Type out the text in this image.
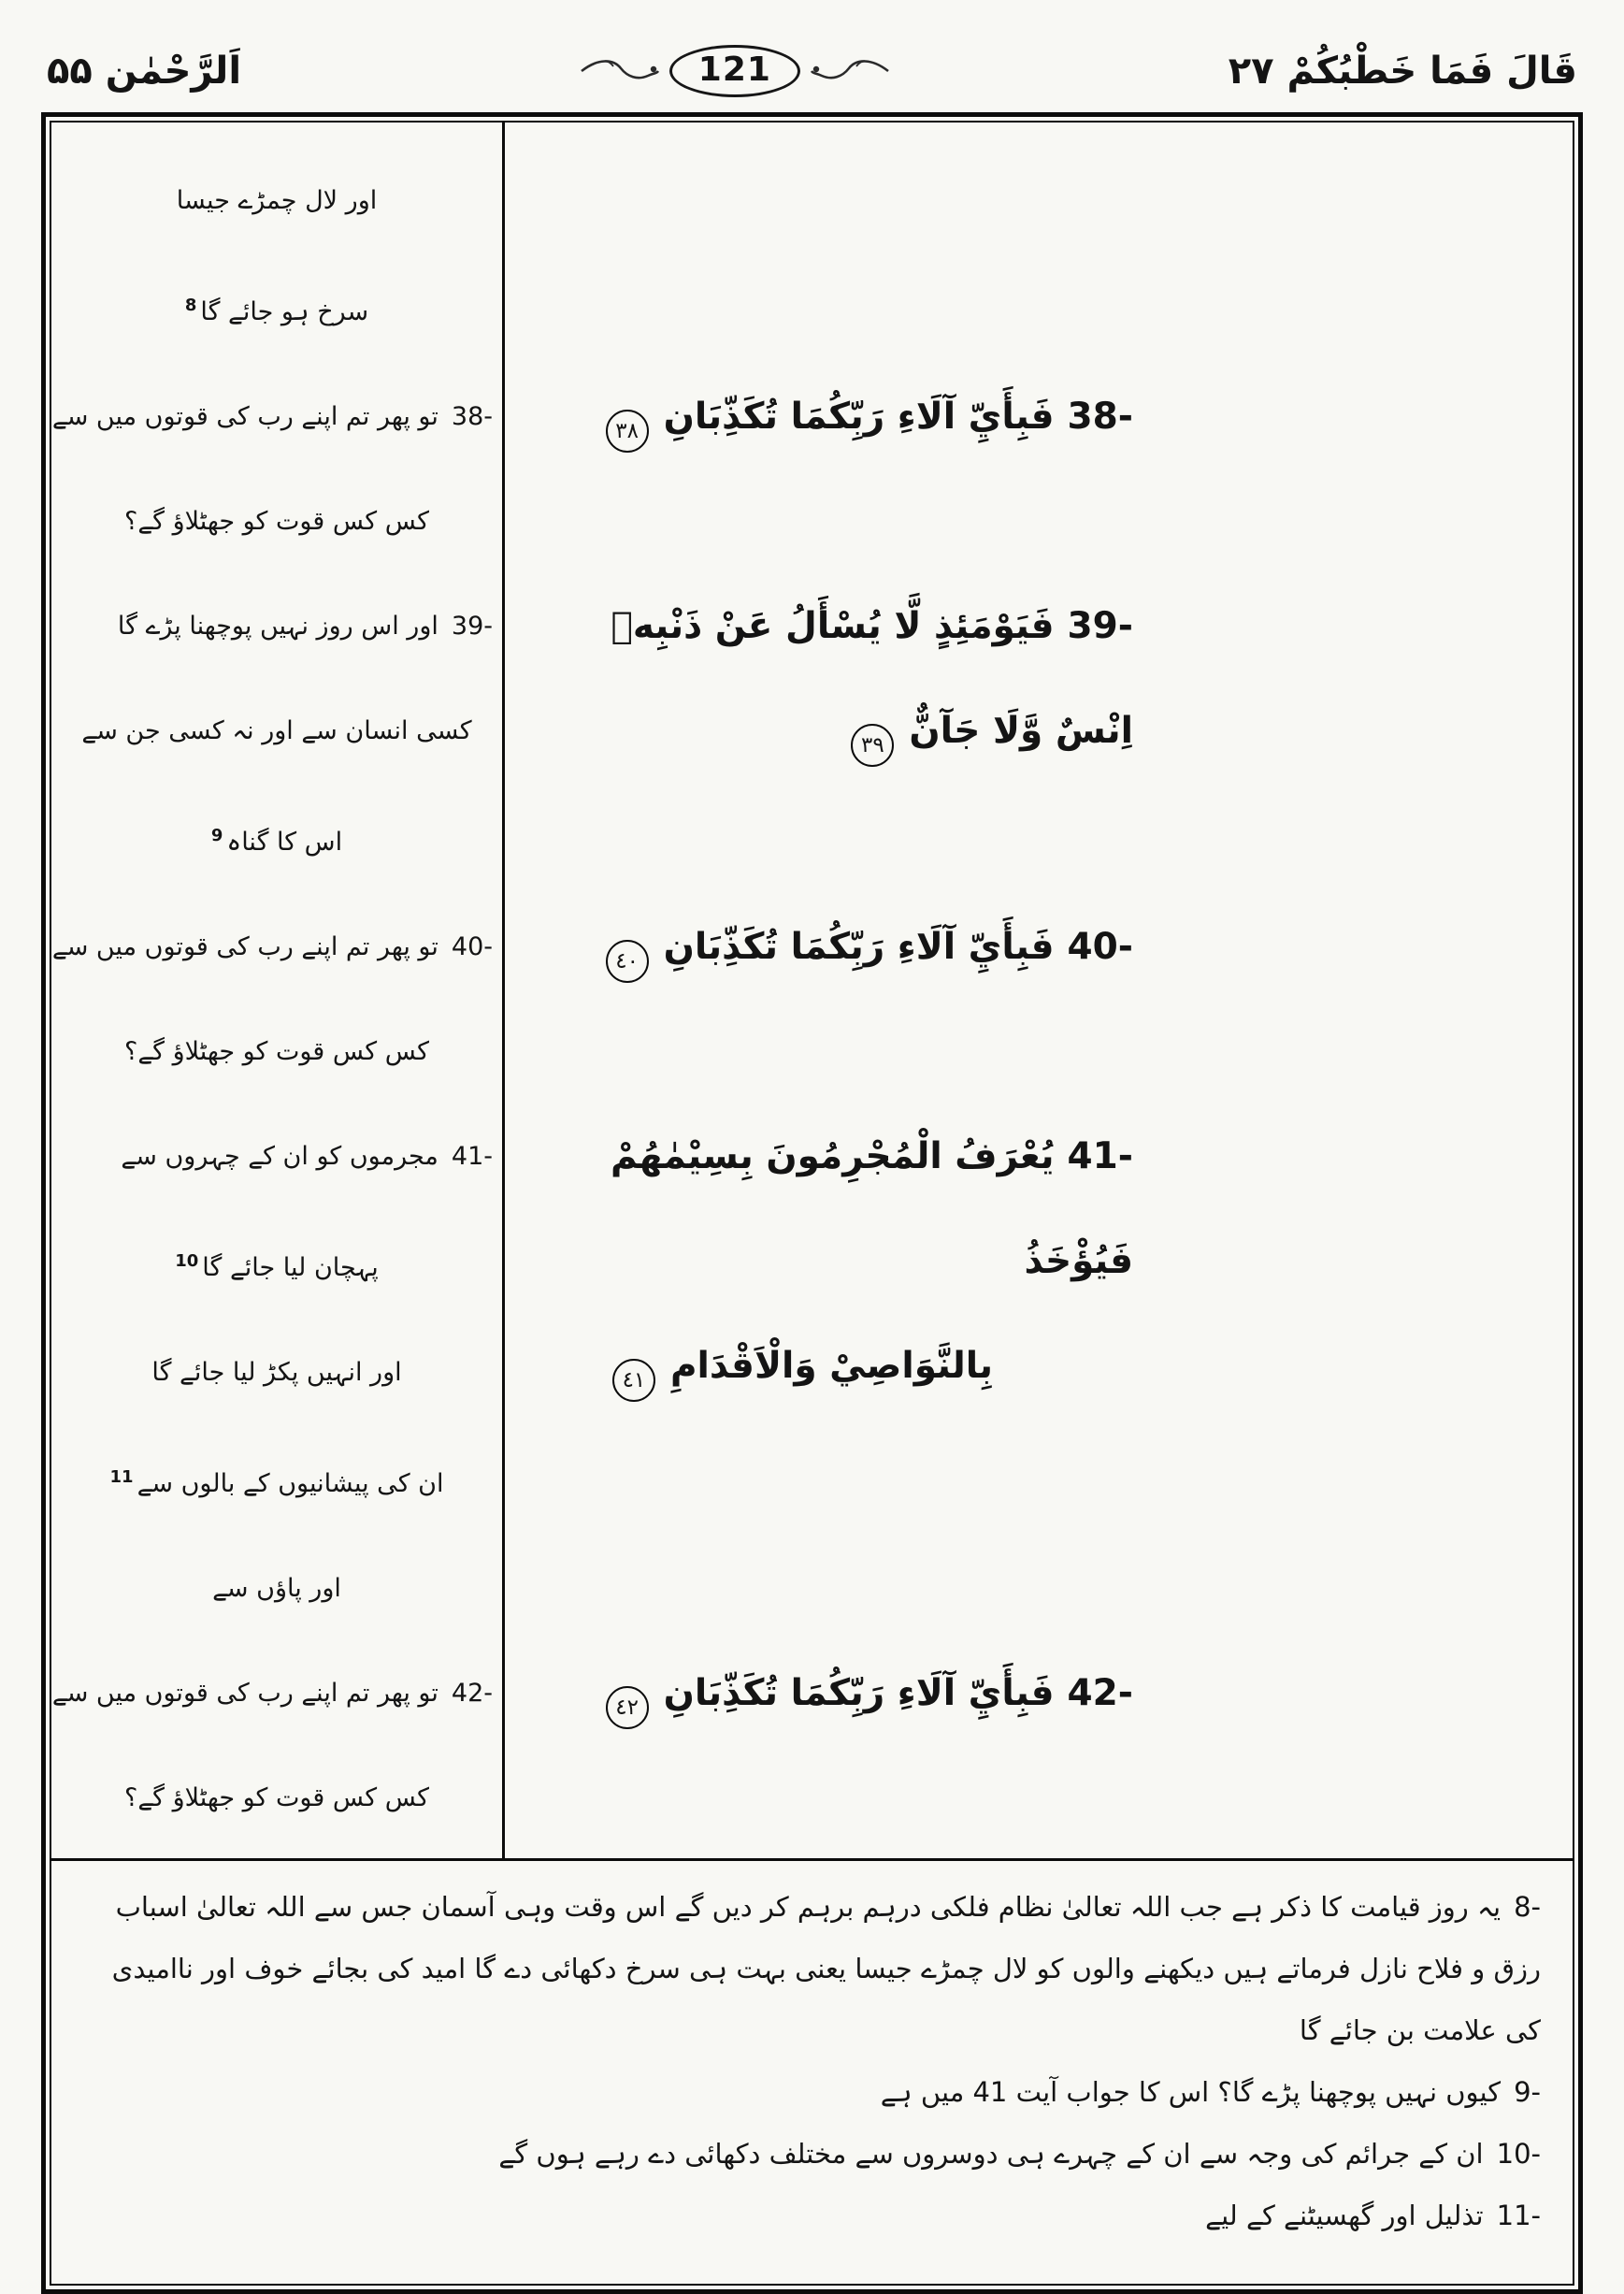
قَالَ فَمَا خَطْبُكُمْ ۲۷
121
اَلرَّحْمٰن ۵۵
اور لال چمڑے جیسا
سرخ ہو جائے گا$^8$
38-فَبِأَيِّ آلَاءِ رَبِّكُمَا تُكَذِّبَانِ٣٨
38-تو پھر تم اپنے رب کی قوتوں میں سے
کس کس قوت کو جھٹلاؤ گے؟
39-فَيَوْمَئِذٍ لَّا يُسْأَلُ عَنْ ذَنْبِهٖ اِنْسٌ وَّلَا جَآنٌّ٣٩
39-اور اس روز نہیں پوچھنا پڑے گا
کسی انسان سے اور نہ کسی جن سے
اس کا گناہ$^9$
40-فَبِأَيِّ آلَاءِ رَبِّكُمَا تُكَذِّبَانِ٤٠
40-تو پھر تم اپنے رب کی قوتوں میں سے
کس کس قوت کو جھٹلاؤ گے؟
41-يُعْرَفُ الْمُجْرِمُونَ بِسِيْمٰهُمْ فَيُؤْخَذُ
بِالنَّوَاصِيْ وَالْاَقْدَامِ٤١
41-مجرموں کو ان کے چہروں سے
پہچان لیا جائے گا$^{10}$
اور انہیں پکڑ لیا جائے گا
ان کی پیشانیوں کے بالوں سے$^{11}$
اور پاؤں سے
42-فَبِأَيِّ آلَاءِ رَبِّكُمَا تُكَذِّبَانِ٤٢
42-تو پھر تم اپنے رب کی قوتوں میں سے
کس کس قوت کو جھٹلاؤ گے؟
8-یہ روز قیامت کا ذکر ہے جب اللہ تعالیٰ نظام فلکی درہم برہم کر دیں گے اس وقت وہی آسمان جس سے اللہ تعالیٰ اسباب رزق و فلاح نازل فرماتے ہیں دیکھنے والوں کو لال چمڑے جیسا یعنی بہت ہی سرخ دکھائی دے گا امید کی بجائے خوف اور ناامیدی کی علامت بن جائے گا
9-کیوں نہیں پوچھنا پڑے گا؟ اس کا جواب آیت 41 میں ہے
10-ان کے جرائم کی وجہ سے ان کے چہرے ہی دوسروں سے مختلف دکھائی دے رہے ہوں گے
11-تذلیل اور گھسیٹنے کے لیے
